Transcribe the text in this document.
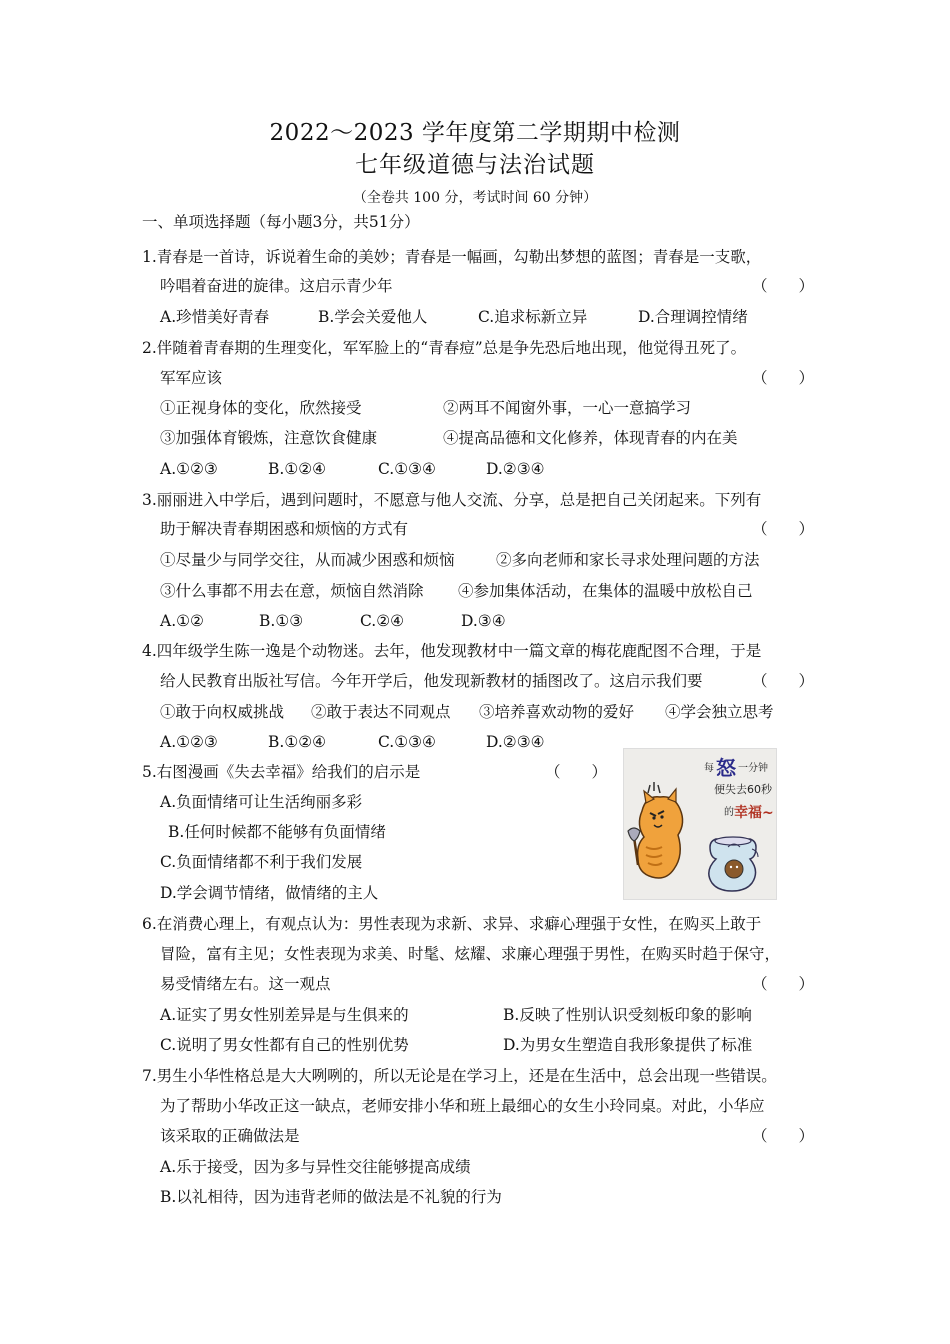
2022～2023 学年度第二学期期中检测
七年级道德与法治试题
（全卷共 100 分，考试时间 60 分钟）
一、单项选择题（每小题3分，共51分）
1.青春是一首诗，诉说着生命的美妙；青春是一幅画，勾勒出梦想的蓝图；青春是一支歌，
吟唱着奋进的旋律。这启示青少年	（　　）
A.珍惜美好青春	B.学会关爱他人	C.追求标新立异	D.合理调控情绪
2.伴随着青春期的生理变化，军军脸上的“青春痘”总是争先恐后地出现，他觉得丑死了。
军军应该	（　　）
①正视身体的变化，欣然接受	②两耳不闻窗外事，一心一意搞学习
③加强体育锻炼，注意饮食健康	④提高品德和文化修养，体现青春的内在美
A.①②③	B.①②④	C.①③④	D.②③④
3.丽丽进入中学后，遇到问题时，不愿意与他人交流、分享，总是把自己关闭起来。下列有
助于解决青春期困惑和烦恼的方式有	（　　）
①尽量少与同学交往，从而减少困惑和烦恼	②多向老师和家长寻求处理问题的方法
③什么事都不用去在意，烦恼自然消除 ④参加集体活动，在集体的温暖中放松自己
A.①②	B.①③	C.②④	D.③④
4.四年级学生陈一逸是个动物迷。去年，他发现教材中一篇文章的梅花鹿配图不合理，于是
给人民教育出版社写信。今年开学后，他发现新教材的插图改了。这启示我们要	（　　）
①敢于向权威挑战 ②敢于表达不同观点 ③培养喜欢动物的爱好 ④学会独立思考
A.①②③	B.①②④	C.①③④	D.②③④
5.右图漫画《失去幸福》给我们的启示是	（　　）
A.负面情绪可让生活绚丽多彩
B.任何时候都不能够有负面情绪
C.负面情绪都不利于我们发展
D.学会调节情绪，做情绪的主人
每 怒 一分钟
便失去60秒
的 幸福~
6.在消费心理上，有观点认为：男性表现为求新、求异、求癖心理强于女性，在购买上敢于
冒险，富有主见；女性表现为求美、时髦、炫耀、求廉心理强于男性，在购买时趋于保守，
易受情绪左右。这一观点	（　　）
A.证实了男女性别差异是与生俱来的	B.反映了性别认识受刻板印象的影响
C.说明了男女性都有自己的性别优势	D.为男女生塑造自我形象提供了标准
7.男生小华性格总是大大咧咧的，所以无论是在学习上，还是在生活中，总会出现一些错误。
为了帮助小华改正这一缺点，老师安排小华和班上最细心的女生小玲同桌。对此，小华应
该采取的正确做法是	（　　）
A.乐于接受，因为多与异性交往能够提高成绩
B.以礼相待，因为违背老师的做法是不礼貌的行为
